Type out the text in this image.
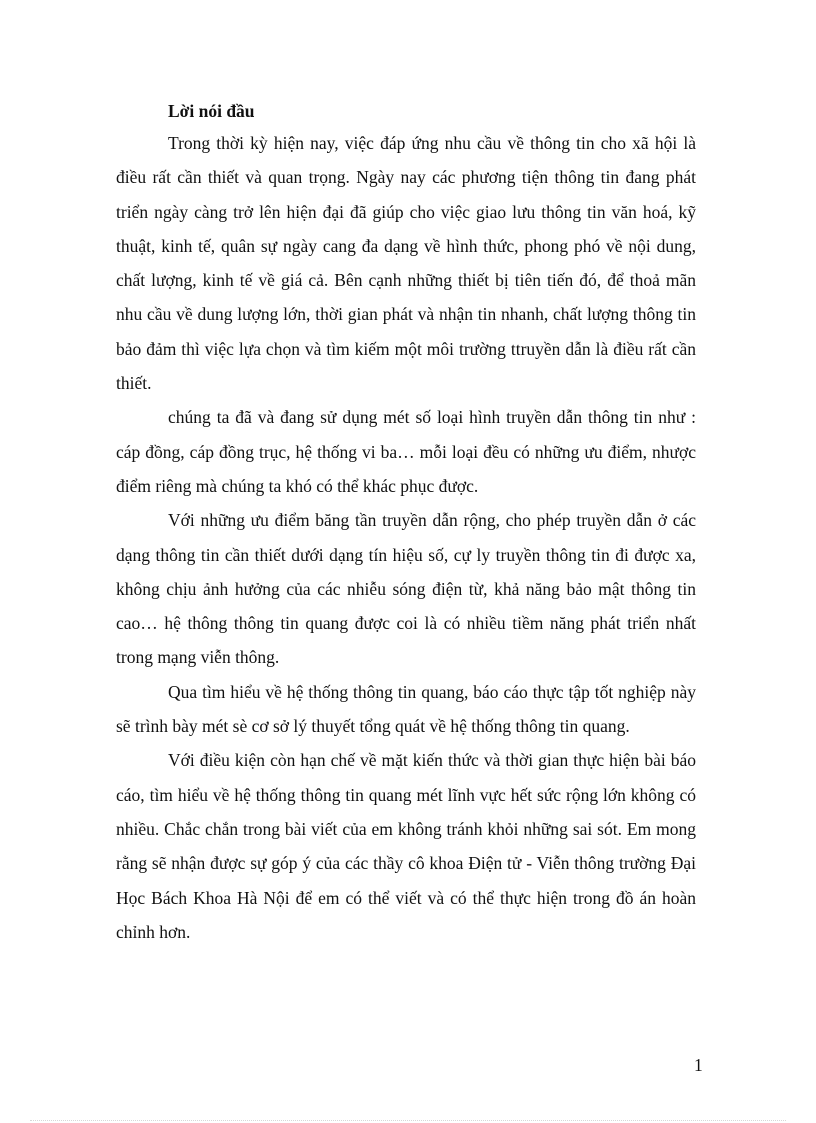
Lời nói đầu

Trong thời kỳ hiện nay, việc đáp ứng nhu cầu về thông tin cho xã hội là điều rất cần thiết và quan trọng. Ngày nay các phương tiện thông tin đang phát triển ngày càng trở lên hiện đại đã giúp cho việc giao lưu thông tin văn hoá, kỹ thuật, kinh tế, quân sự ngày cang đa dạng về hình thức, phong phó về nội dung, chất lượng, kinh tế về giá cả. Bên cạnh những thiết bị tiên tiến đó, để thoả mãn nhu cầu về dung lượng lớn, thời gian phát và nhận tin nhanh, chất lượng thông tin bảo đảm thì việc lựa chọn và tìm kiếm một môi trường ttruyền dẫn là điều rất cần thiết.

chúng ta đã và đang sử dụng mét số loại hình truyền dẫn thông tin như : cáp đồng, cáp đồng trục, hệ thống vi ba… mỗi loại đều có những ưu điểm, nhược điểm riêng mà chúng ta khó có thể khác phục được.

Với những ưu điểm băng tần truyền dẫn rộng, cho phép truyền dẫn ở các dạng thông tin cần thiết dưới dạng tín hiệu số, cự ly truyền thông tin đi được xa, không chịu ảnh hưởng của các nhiễu sóng điện từ, khả năng bảo mật thông tin cao… hệ thông thông tin quang được coi là có nhiều tiềm năng phát triển nhất trong mạng viễn thông.

Qua tìm hiểu về hệ thống thông tin quang, báo cáo thực tập tốt nghiệp này sẽ trình bày mét sè cơ sở lý thuyết tổng quát về hệ thống thông tin quang.

Với điều kiện còn hạn chế về mặt kiến thức và thời gian thực hiện bài báo cáo, tìm hiểu về hệ thống thông tin quang mét lĩnh vực hết sức rộng lớn không có nhiều. Chắc chắn trong bài viết của em không tránh khỏi những sai sót. Em mong rằng sẽ nhận được sự góp ý của các thầy cô khoa Điện tử - Viễn thông trường Đại Học Bách Khoa Hà Nội để em có thể viết và có thể thực hiện trong đồ án hoàn chỉnh hơn.

1
